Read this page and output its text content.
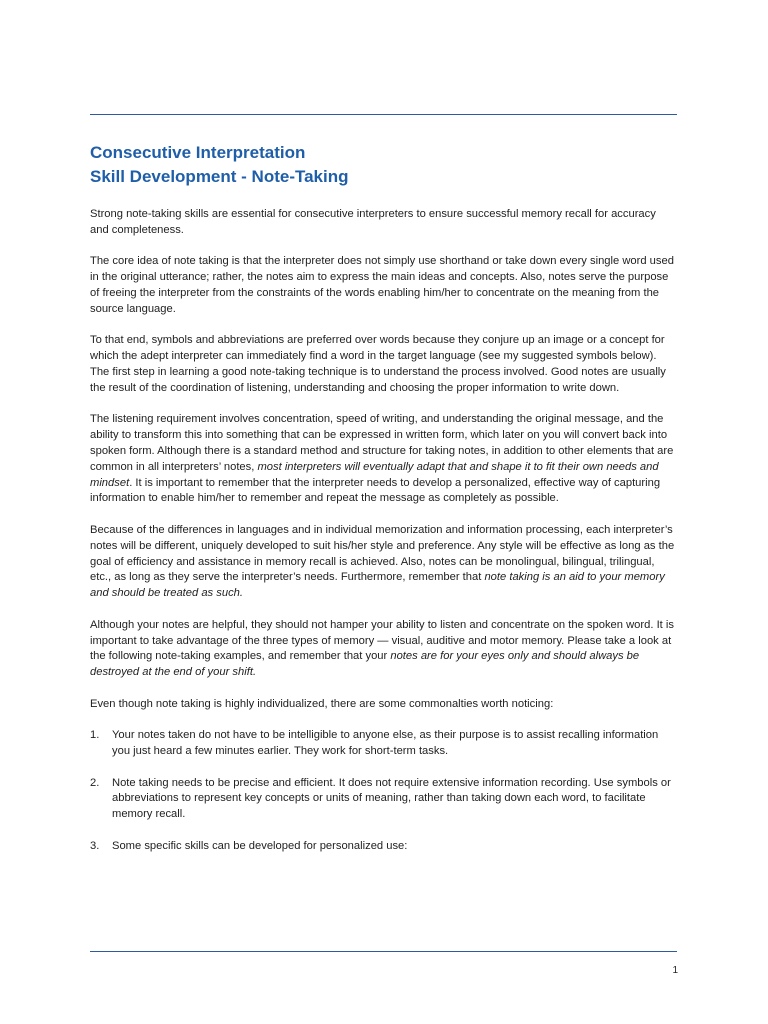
Consecutive Interpretation
Skill Development - Note-Taking

Strong note-taking skills are essential for consecutive interpreters to ensure successful memory recall for accuracy and completeness.

The core idea of note taking is that the interpreter does not simply use shorthand or take down every single word used in the original utterance; rather, the notes aim to express the main ideas and concepts. Also, notes serve the purpose of freeing the interpreter from the constraints of the words enabling him/her to concentrate on the meaning from the source language.

To that end, symbols and abbreviations are preferred over words because they conjure up an image or a concept for which the adept interpreter can immediately find a word in the target language (see my suggested symbols below). The first step in learning a good note-taking technique is to understand the process involved. Good notes are usually the result of the coordination of listening, understanding and choosing the proper information to write down.

The listening requirement involves concentration, speed of writing, and understanding the original message, and the ability to transform this into something that can be expressed in written form, which later on you will convert back into spoken form. Although there is a standard method and structure for taking notes, in addition to other elements that are common in all interpreters’ notes, most interpreters will eventually adapt that and shape it to fit their own needs and mindset. It is important to remember that the interpreter needs to develop a personalized, effective way of capturing information to enable him/her to remember and repeat the message as completely as possible.

Because of the differences in languages and in individual memorization and information processing, each interpreter’s notes will be different, uniquely developed to suit his/her style and preference. Any style will be effective as long as the goal of efficiency and assistance in memory recall is achieved. Also, notes can be monolingual, bilingual, trilingual, etc., as long as they serve the interpreter’s needs. Furthermore, remember that note taking is an aid to your memory and should be treated as such.

Although your notes are helpful, they should not hamper your ability to listen and concentrate on the spoken word. It is important to take advantage of the three types of memory — visual, auditive and motor memory. Please take a look at the following note-taking examples, and remember that your notes are for your eyes only and should always be destroyed at the end of your shift.

Even though note taking is highly individualized, there are some commonalties worth noticing:

1. Your notes taken do not have to be intelligible to anyone else, as their purpose is to assist recalling information you just heard a few minutes earlier. They work for short-term tasks.
2. Note taking needs to be precise and efficient. It does not require extensive information recording. Use symbols or abbreviations to represent key concepts or units of meaning, rather than taking down each word, to facilitate memory recall.
3. Some specific skills can be developed for personalized use:
1
